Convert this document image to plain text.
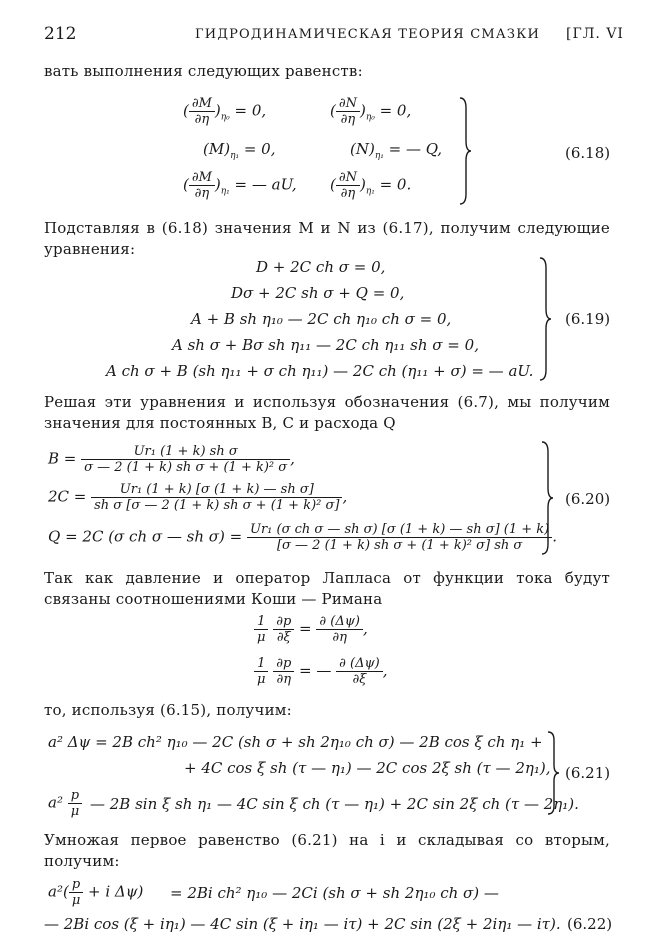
212	ГИДРОДИНАМИЧЕСКАЯ ТЕОРИЯ СМАЗКИ [ГЛ. VI
вать выполнения следующих равенств:
( $\frac{\partial M}{\partial\eta} )_{\eta_0} = 0$,	( $\frac{\partial N}{\partial\eta} )_{\eta_0} = 0$,
$(M)_{\eta_1} = 0$,	$(N)_{\eta_1}$ = — Q,
( $\frac{\partial M}{\partial\eta} )_{\eta_1}$ = — aU, ( $\frac{\partial N}{\partial\eta} )_{\eta_1} = 0$.
(6.18)
Подставляя в (6.18) значения M и N из (6.17), получим следующие уравнения:
D + 2C ch σ = 0,
Dσ + 2C sh σ + Q = 0,
A + B sh η₁₀ — 2C ch η₁₀ ch σ = 0,
A sh σ + Bσ sh η₁₁ — 2C ch η₁₁ sh σ = 0,
A ch σ + B (sh η₁₁ + σ ch η₁₁) — 2C ch (η₁₁ + σ) = — aU.
(6.19)
Решая эти уравнения и используя обозначения (6.7), мы получим значения для постоянных B, C и расхода Q
$B = \frac{\text{Ur₁ (1 + k) sh σ}}{\text{σ — 2 (1 + k) sh σ + (1 + k)² σ}}$ ,
$2C = \frac{\text{Ur₁ (1 + k) [σ (1 + k) — sh σ]}}{\text{sh σ [σ — 2 (1 + k) sh σ + (1 + k)² σ]}}$ ,
Q = 2C (σ ch σ — sh $\sigma) = \frac{\text{Ur₁ (σ ch σ — sh σ) [σ (1 + k) — sh σ] (1 + k)}}{\text{[σ — 2 (1 + k) sh σ + (1 + k)² σ] sh σ}}$ .
(6.20)
Так как давление и оператор Лапласа от функции тока будут связаны соотношениями Коши — Римана
$\frac{1}{\mu}$
$\frac{\partial p}{\partial\xi} = \frac{\partial (\Delta\psi)}{\partial\eta}$ ,
$\frac{1}{\mu}$
$\frac{\partial p}{\partial\eta}$ = — $\frac{\partial (\Delta\psi)}{\partial\xi}$ ,
то, используя (6.15), получим:
a² Δψ = 2B ch² η₁₀ — 2C (sh σ + sh 2η₁₀ ch σ) — 2B cos ξ ch η₁ +
+ 4C cos ξ sh (τ — η₁) — 2C cos 2ξ sh (τ — 2η₁),
$a^2 \frac{p}{\mu}$ — 2B sin ξ sh η₁ — 4C sin ξ ch (τ — η₁) + 2C sin 2ξ ch (τ — 2η₁).
(6.21)
Умножая первое равенство (6.21) на i и складывая со вторым, получим:
$a^2( \frac{p}{\mu} + i$ Δψ) = 2Bi ch² η₁₀ — 2Ci (sh σ + sh 2η₁₀ ch σ) —
— 2Bi cos (ξ + iη₁) — 4C sin (ξ + iη₁ — iτ) + 2C sin (2ξ + 2iη₁ — iτ). (6.22)
